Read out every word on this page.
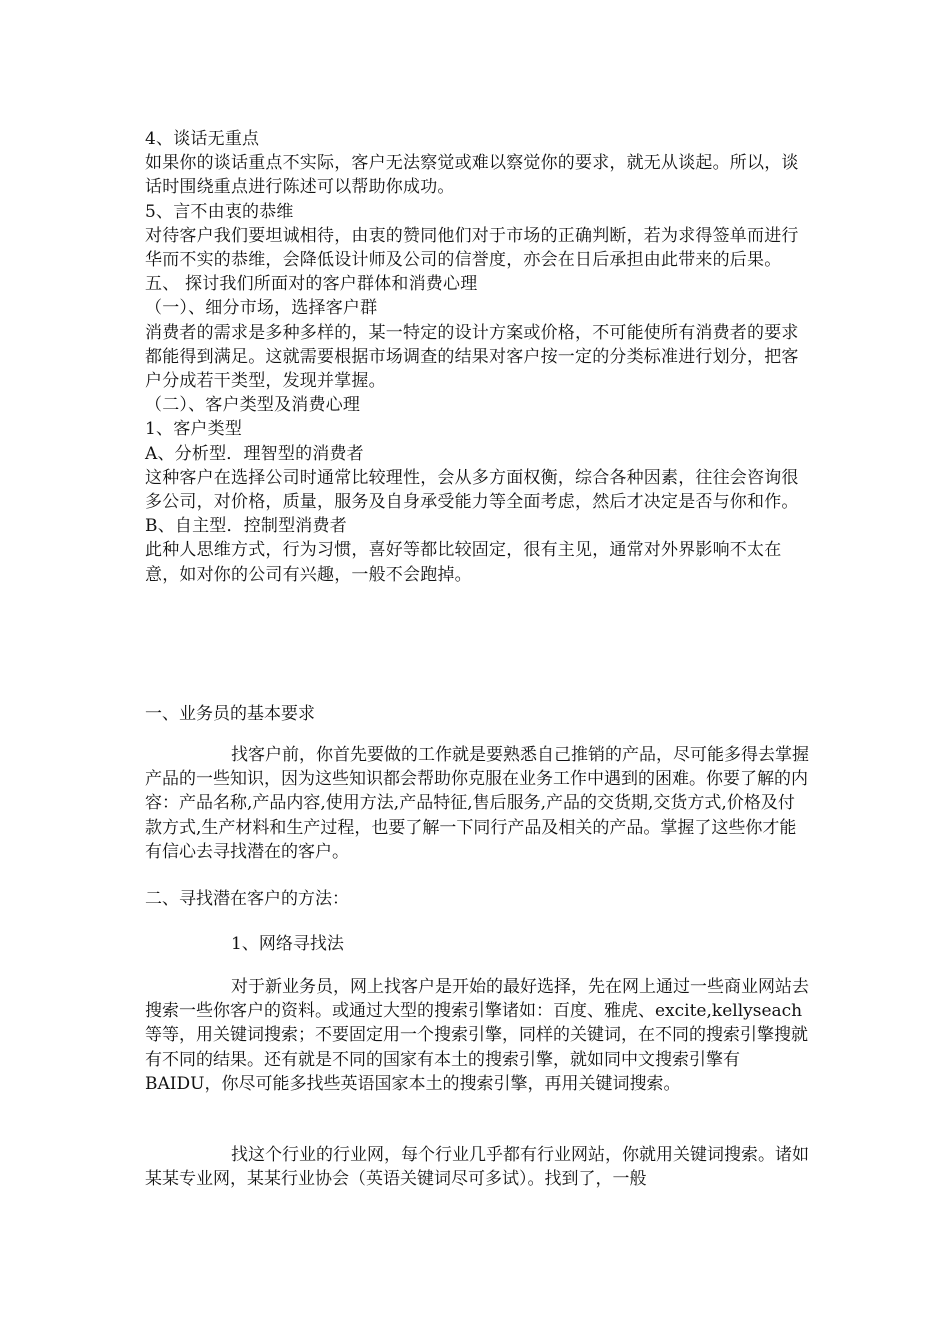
4、谈话无重点

如果你的谈话重点不实际，客户无法察觉或难以察觉你的要求，就无从谈起。所以，谈话时围绕重点进行陈述可以帮助你成功。

5、言不由衷的恭维

对待客户我们要坦诚相待，由衷的赞同他们对于市场的正确判断，若为求得签单而进行华而不实的恭维，会降低设计师及公司的信誉度，亦会在日后承担由此带来的后果。

五、 探讨我们所面对的客户群体和消费心理

（一）、细分市场，选择客户群

消费者的需求是多种多样的，某一特定的设计方案或价格，不可能使所有消费者的要求都能得到满足。这就需要根据市场调查的结果对客户按一定的分类标准进行划分，把客户分成若干类型，发现并掌握。

（二）、客户类型及消费心理

1、客户类型

A、分析型．理智型的消费者

这种客户在选择公司时通常比较理性，会从多方面权衡，综合各种因素，往往会咨询很多公司，对价格，质量，服务及自身承受能力等全面考虑，然后才决定是否与你和作。

B、自主型．控制型消费者

此种人思维方式，行为习惯，喜好等都比较固定，很有主见，通常对外界影响不太在意，如对你的公司有兴趣，一般不会跑掉。

一、业务员的基本要求

找客户前，你首先要做的工作就是要熟悉自己推销的产品，尽可能多得去掌握产品的一些知识，因为这些知识都会帮助你克服在业务工作中遇到的困难。你要了解的内容：产品名称,产品内容,使用方法,产品特征,售后服务,产品的交货期,交货方式,价格及付款方式,生产材料和生产过程，也要了解一下同行产品及相关的产品。掌握了这些你才能有信心去寻找潜在的客户。

二、寻找潜在客户的方法：

1、网络寻找法

对于新业务员，网上找客户是开始的最好选择，先在网上通过一些商业网站去搜索一些你客户的资料。或通过大型的搜索引擎诸如：百度、雅虎、excite,kellyseach等等，用关键词搜索；不要固定用一个搜索引擎，同样的关键词，在不同的搜索引擎搜就有不同的结果。还有就是不同的国家有本土的搜索引擎，就如同中文搜索引擎有BAIDU，你尽可能多找些英语国家本土的搜索引擎，再用关键词搜索。

找这个行业的行业网，每个行业几乎都有行业网站，你就用关键词搜索。诸如某某专业网，某某行业协会（英语关键词尽可多试）。找到了，一般
